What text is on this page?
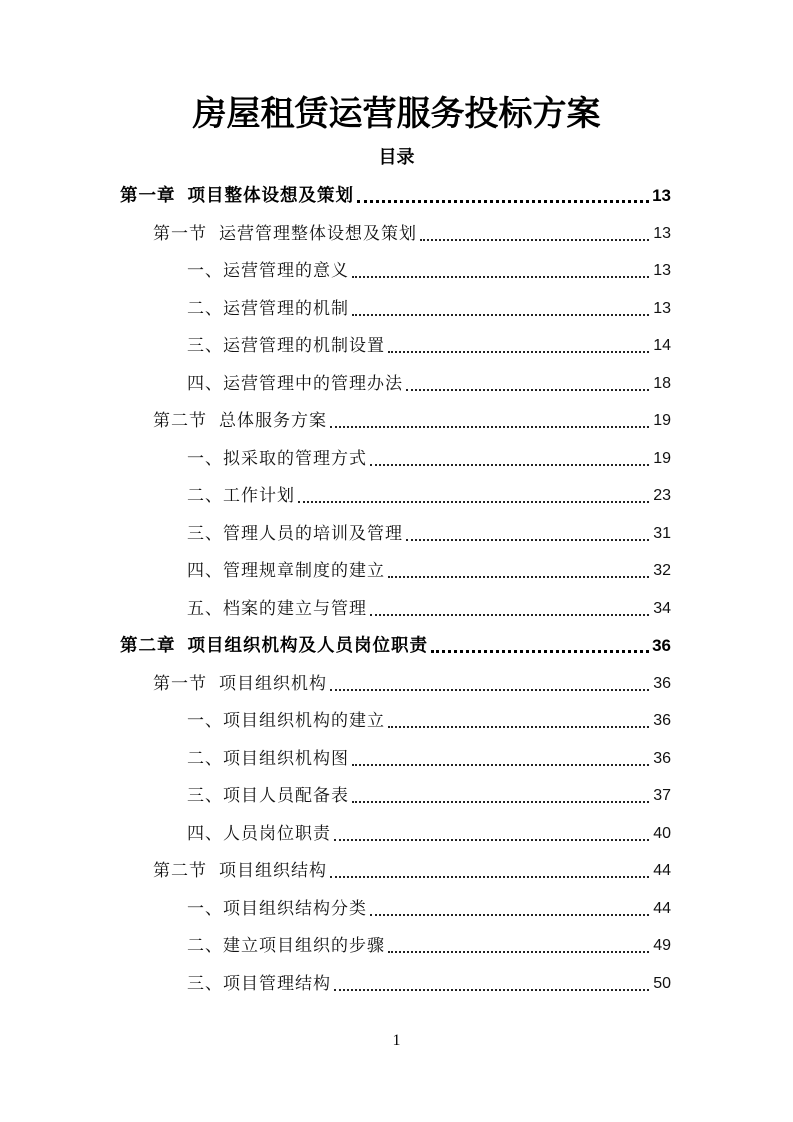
房屋租赁运营服务投标方案
目录
第一章 项目整体设想及策划	13
第一节 运营管理整体设想及策划	13
一、运营管理的意义	13
二、运营管理的机制	13
三、运营管理的机制设置	14
四、运营管理中的管理办法	18
第二节 总体服务方案	19
一、拟采取的管理方式	19
二、工作计划	23
三、管理人员的培训及管理	31
四、管理规章制度的建立	32
五、档案的建立与管理	34
第二章 项目组织机构及人员岗位职责	36
第一节 项目组织机构	36
一、项目组织机构的建立	36
二、项目组织机构图	36
三、项目人员配备表	37
四、人员岗位职责	40
第二节 项目组织结构	44
一、项目组织结构分类	44
二、建立项目组织的步骤	49
三、项目管理结构	50
1
